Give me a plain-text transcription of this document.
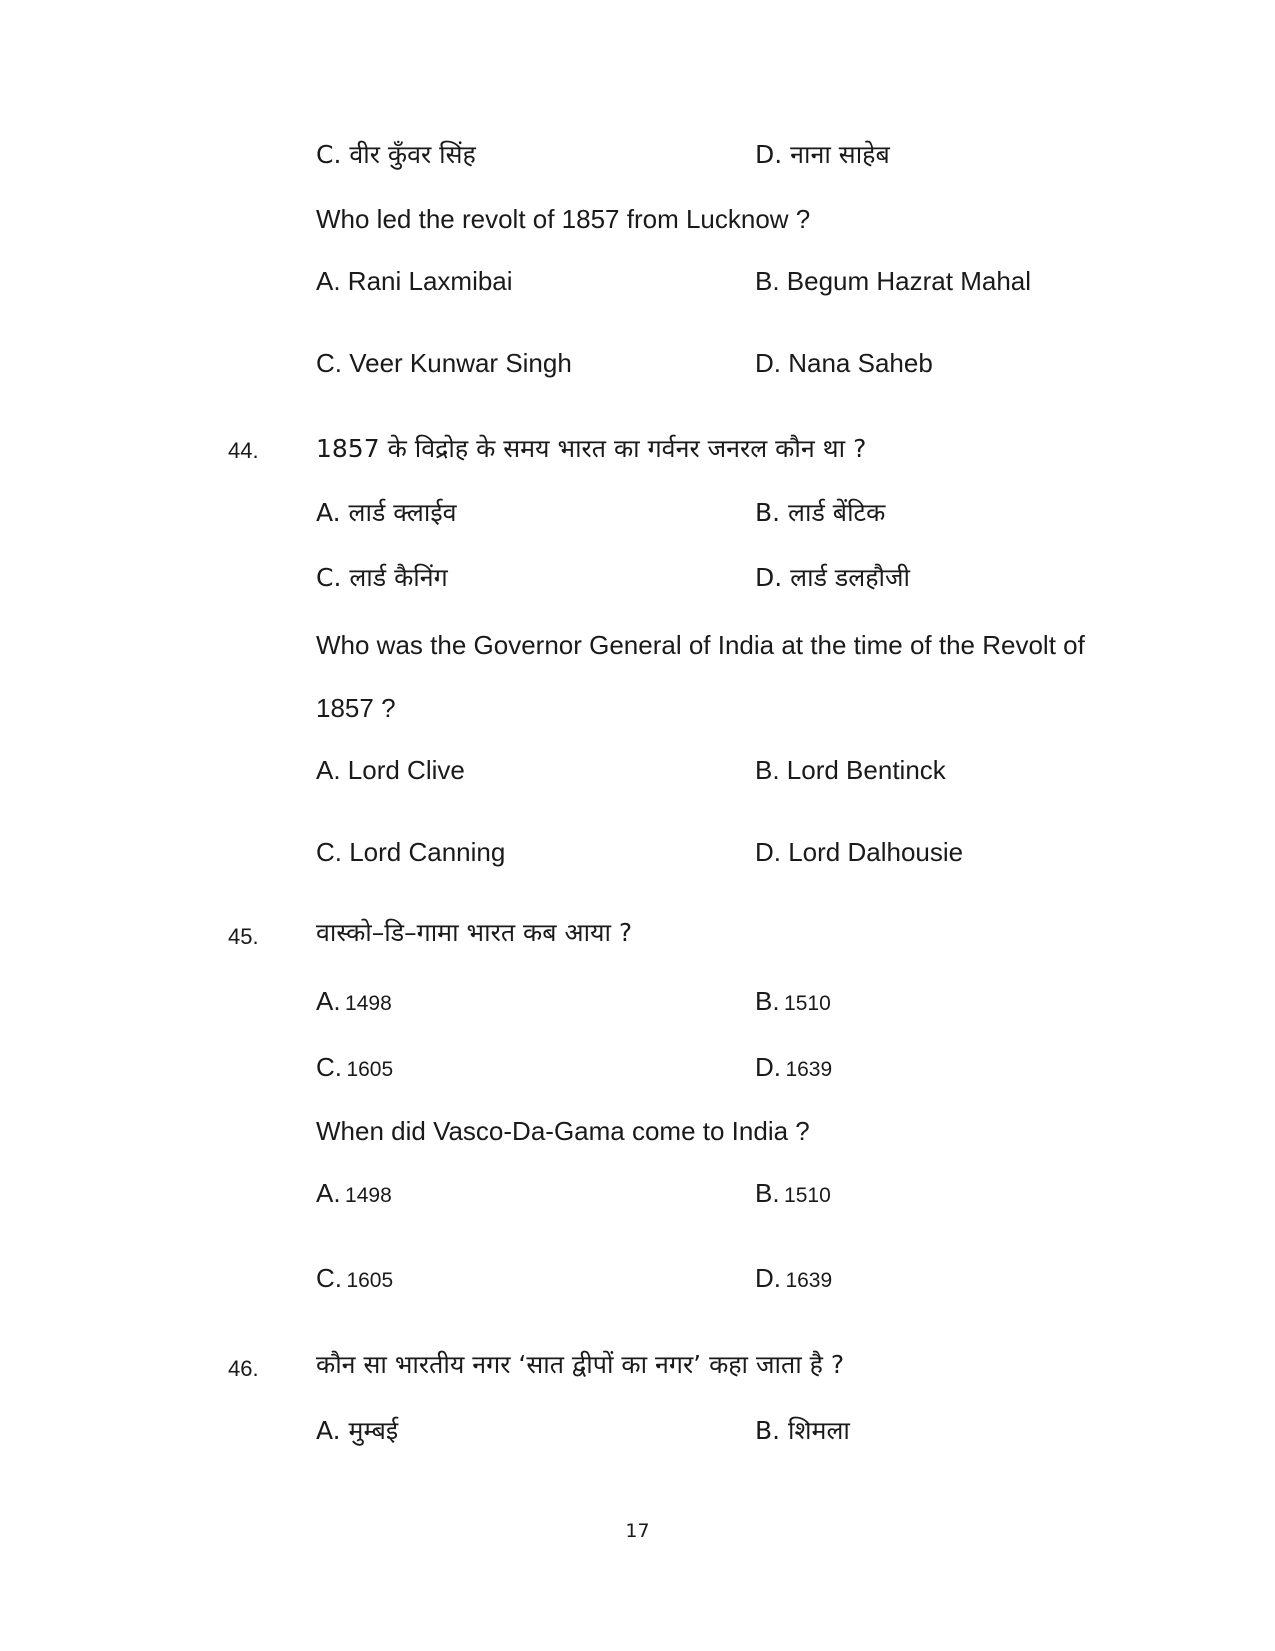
C. वीर कुँवर सिंह	D. नाना साहेब
Who led the revolt of 1857 from Lucknow ?
A. Rani Laxmibai	B. Begum Hazrat Mahal
C. Veer Kunwar Singh	D. Nana Saheb
44. 1857 के विद्रोह के समय भारत का गर्वनर जनरल कौन था ?
A. लार्ड क्लाईव	B. लार्ड बेंटिक
C. लार्ड कैनिंग	D. लार्ड डलहौजी
Who was the Governor General of India at the time of the Revolt of
1857 ?
A. Lord Clive	B. Lord Bentinck
C. Lord Canning	D. Lord Dalhousie
45. वास्को–डि–गामा भारत कब आया ?
A. 1498	B. 1510
C. 1605	D. 1639
When did Vasco-Da-Gama come to India ?
A. 1498	B. 1510
C. 1605	D. 1639
46. कौन सा भारतीय नगर ‘सात द्वीपों का नगर’ कहा जाता है ?
A. मुम्बई	B. शिमला
17
